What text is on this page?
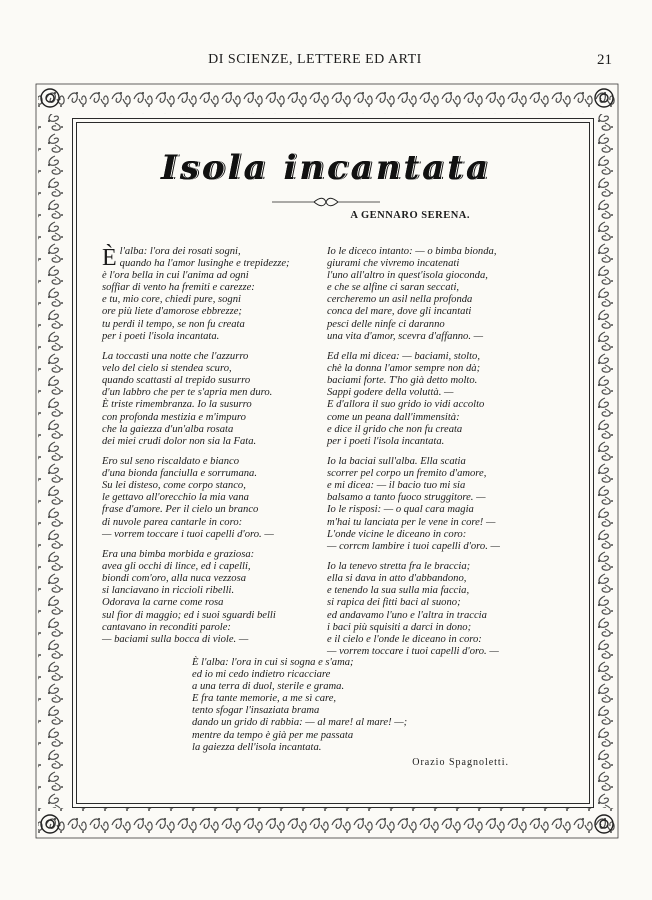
DI SCIENZE, LETTERE ED ARTI	21
Isola incantata
A GENNARO SERENA.
È l'alba: l'ora dei rosati sogni,
quando ha l'amor lusinghe e trepidezze;
è l'ora bella in cui l'anima ad ogni
soffiar di vento ha fremiti e carezze:
e tu, mio core, chiedi pure, sogni
ore più liete d'amorose ebbrezze;
tu perdi il tempo, se non fu creata
per i poeti l'isola incantata.
La toccasti una notte che l'azzurro
velo del cielo si stendea scuro,
quando scattasti al trepido susurro
d'un labbro che per te s'apria men duro.
È triste rimembranza. Io la susurro
con profonda mestizia e m'impuro
che la gaiezza d'un'alba rosata
dei miei crudi dolor non sia la Fata.
Ero sul seno riscaldato e bianco
d'una bionda fanciulla e sorrumana.
Su lei disteso, come corpo stanco,
le gettavo all'orecchio la mia vana
frase d'amore. Per il cielo un branco
di nuvole parea cantarle in coro:
— vorrem toccare i tuoi capelli d'oro. —
Era una bimba morbida e graziosa:
avea gli occhi di lince, ed i capelli,
biondi com'oro, alla nuca vezzosa
si lanciavano in riccioli ribelli.
Odorava la carne come rosa
sul fior di maggio; ed i suoi sguardi belli
cantavano in reconditi parole:
— baciami sulla bocca di viole. —
Io le diceco intanto: — o bimba bionda,
giurami che vivremo incatenati
l'uno all'altro in quest'isola gioconda,
e che se alfine ci saran seccati,
cercheremo un asil nella profonda
conca del mare, dove gli incantati
pesci delle ninfe ci daranno
una vita d'amor, scevra d'affanno. —
Ed ella mi dicea: — baciami, stolto,
chè la donna l'amor sempre non dà;
baciami forte. T'ho già detto molto.
Sappi godere della voluttà. —
E d'allora il suo grido io vidi accolto
come un peana dall'immensità:
e dice il grido che non fu creata
per i poeti l'isola incantata.
Io la baciai sull'alba. Ella scatia
scorrer pel corpo un fremito d'amore,
e mi dicea: — il bacio tuo mi sia
balsamo a tanto fuoco struggitore. —
Io le risposi: — o qual cara magia
m'hai tu lanciata per le vene in core! —
L'onde vicine le diceano in coro:
— corrcm lambire i tuoi capelli d'oro. —
Io la tenevo stretta fra le braccia;
ella si dava in atto d'abbandono,
e tenendo la sua sulla mia faccia,
si rapica dei fitti baci al suono;
ed andavamo l'uno e l'altra in traccia
i baci più squisiti a darci in dono;
e il cielo e l'onde le diceano in coro:
— vorrem toccare i tuoi capelli d'oro. —
È l'alba: l'ora in cui si sogna e s'ama;
ed io mi cedo indietro ricacciare
a una terra di duol, sterile e grama.
E fra tante memorie, a me sì care,
tento sfogar l'insaziata brama
dando un grido di rabbia: — al mare! al mare! —;
mentre da tempo è già per me passata
la gaiezza dell'isola incantata.
Orazio Spagnoletti.
